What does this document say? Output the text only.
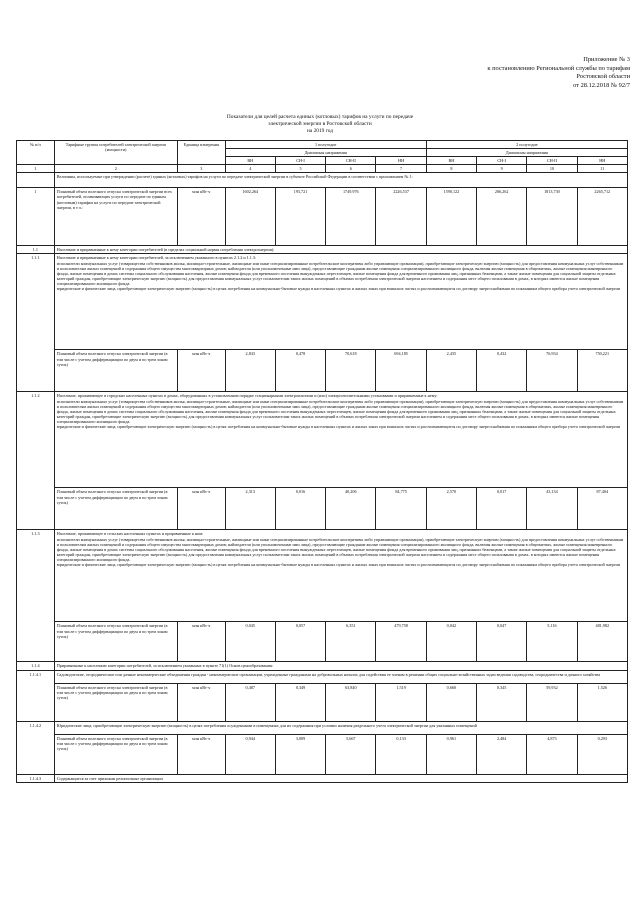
Приложение № 3
к постановлению Региональной службы по тарифам
Ростовской области
от 28.12.2018 № 92/7
Показатели для целей расчета единых (котловых) тарифов на услуги по передаче
электрической энергии в Ростовской области
на 2019 год
№ п/п	Тарифные группы потребителей электрической энергии (мощности)	Единица измерения	1 полугодие				2 полугодие			
			Диапазоны напряжения				Диапазоны напряжения			
			ВН	СН-I	СН-II	НН	ВН	СН-I	СН-II	НН
1	2	3	4	5	6	7	8	9	10	11
	Величины, используемые при утверждении (расчете) единых (котловых) тарифов на услуги по передаче электрической энергии в субъекте Российской Федерации в соответствии с приложением № 1:									
1	Плановый объем полезного отпуска электрической энергии всех потребителей, оплачивающих услуги по передаче по единым (котловым) тарифам на услуги по передаче электрической энергии, в т.ч.:	млн кВт·ч	1602,264	193,721	1749,976	2226,537	1590,122	206,262	1813,730	2265,712
1.1	Население и приравненные к нему категории потребителей (в пределах социальной нормы потребления электроэнергии):									
1.1.1	Население и приравненные к нему категории потребителей, за исключением указанного в пунктах 2.1.2 и 1.1.3:
исполнители коммунальных услуг (товарищества собственников жилья, жилищно-строительные, жилищные или иные специализированные потребительские кооперативы либо управляющие организации), приобретающие электрическую энергию (мощность) для предоставления коммунальных услуг собственникам и пользователям жилых помещений и содержания общего имущества многоквартирных домов; наймодатели (или уполномоченные ими лица), предоставляющие гражданам жилые помещения специализированного жилищного фонда, включая жилые помещения в общежитиях, жилые помещения маневренного фонда, жилые помещения в домах системы социального обслуживания населения, жилые помещения фонда для временного поселения вынужденных переселенцев, жилые помещения фонда для временного проживания лиц, признанных беженцами, а также жилые помещения для социальной защиты отдельных категорий граждан, приобретающие электрическую энергию (мощность) для предоставления коммунальных услуг пользователям таких жилых помещений в объемах потребления электрической энергии населением и содержания мест общего пользования в домах, в которых имеются жилые помещения специализированного жилищного фонда.
юридические и физические лица, приобретающие электрическую энергию (мощность) в целях потребления на коммунально-бытовые нужды в населенных пунктах и жилых зонах при воинских частях и рассчитывающиеся по договору энергоснабжения по показаниям общего прибора учета электрической энергии									

	Плановый объем полезного отпуска электрической энергии (в том числе с учетом дифференциации по двум и по трем зонам суток)	млн кВт·ч	2,843	0,478	70,618	694,185	2,435	0,432	76,934	750,221
1.1.2	Население, проживающее в городских населенных пунктах в домах, оборудованных в установленном порядке стационарными электроплитами и (или) электроотопительными установками и приравненные к нему:
исполнители коммунальных услуг (товарищества собственников жилья, жилищно-строительные, жилищные или иные специализированные потребительские кооперативы либо управляющие организации), приобретающие электрическую энергию (мощность) для предоставления коммунальных услуг собственникам и пользователям жилых помещений и содержания общего имущества многоквартирных домов; наймодатели (или уполномоченные ими лица), предоставляющие гражданам жилые помещения специализированного жилищного фонда, включая жилые помещения в общежитиях, жилые помещения маневренного фонда, жилые помещения в домах системы социального обслуживания населения, жилые помещения фонда для временного поселения вынужденных переселенцев, жилые помещения фонда для временного проживания лиц, признанных беженцами, а также жилые помещения для социальной защиты отдельных категорий граждан, приобретающие электрическую энергию (мощность) для предоставления коммунальных услуг пользователям таких жилых помещений в объемах потребления электрической энергии населением и содержания мест общего пользования в домах, в которых имеются жилые помещения специализированного жилищного фонда.
юридические и физические лица, приобретающие электрическую энергию (мощность) в целях потребления на коммунально-бытовые нужды в населенных пунктах и жилых зонах при воинских частях и рассчитывающиеся по договору энергоснабжения по показаниям общего прибора учета электрической энергии									

	Плановый объем полезного отпуска электрической энергии (в том числе с учетом дифференциации по двум и по трем зонам суток)	млн кВт·ч	2,313	0,016	40,206	84,775	2,570	0,017	43,134	87,404
1.1.3	Население, проживающее в сельских населенных пунктах и приравненные к ним:
исполнители коммунальных услуг (товарищества собственников жилья, жилищно-строительные, жилищные или иные специализированные потребительские кооперативы либо управляющие организации), приобретающие электрическую энергию (мощность) для предоставления коммунальных услуг собственникам и пользователям жилых помещений и содержания общего имущества многоквартирных домов; наймодатели (или уполномоченные ими лица), предоставляющие гражданам жилые помещения специализированного жилищного фонда, включая жилые помещения в общежитиях, жилые помещения маневренного фонда, жилые помещения в домах системы социального обслуживания населения, жилые помещения фонда для временного поселения вынужденных переселенцев, жилые помещения фонда для временного проживания лиц, признанных беженцами, а также жилые помещения для социальной защиты отдельных категорий граждан, приобретающие электрическую энергию (мощность) для предоставления коммунальных услуг пользователям таких жилых помещений в объемах потребления электрической энергии населением и содержания мест общего пользования в домах, в которых имеются жилые помещения специализированного жилищного фонда.
юридические и физические лица, приобретающие электрическую энергию (мощность) в целях потребления на коммунально-бытовые нужды в населенных пунктах и жилых зонах при воинских частях и рассчитывающиеся по договору энергоснабжения по показаниям общего прибора учета электрической энергии									

	Плановый объем полезного отпуска электрической энергии (в том числе с учетом дифференциации по двум и по трем зонам суток)	млн кВт·ч	0,045	0,057	6,351	479,758	0,042	0,047	5,116	481,982
1.1.4	Приравненные к населению категории потребителей, за исключением указанных в пункте 71(1) Основ ценообразования:									
1.1.4.1	Садоводческие, огороднические или дачные некоммерческие объединения граждан - некоммерческие организации, учрежденные гражданами на добровольных началах для содействия ее членам в решении общих социально-хозяйственных задач ведения садоводства, огородничества и дачного хозяйства									
	Плановый объем полезного отпуска электрической энергии (в том числе с учетом дифференциации по двум и по трем зонам суток)	млн кВт·ч	0,487	0,349	63,840	1,519	0,660	0,345	59,932	1,526
1.1.4.2	Юридические лица, приобретающие электрическую энергию (мощность) в целях потребления осужденными в помещениях для их содержания при условии наличия раздельного учета электрической энергии для указанных помещений									
	Плановый объем полезного отпуска электрической энергии (в том числе с учетом дифференциации по двум и по трем зонам суток)	млн кВт·ч	0,944	3,009	5,667	0,133	0,961	2,484	4,873	0,293
1.1.4.3	Содержащиеся за счет прихожан религиозные организации									
